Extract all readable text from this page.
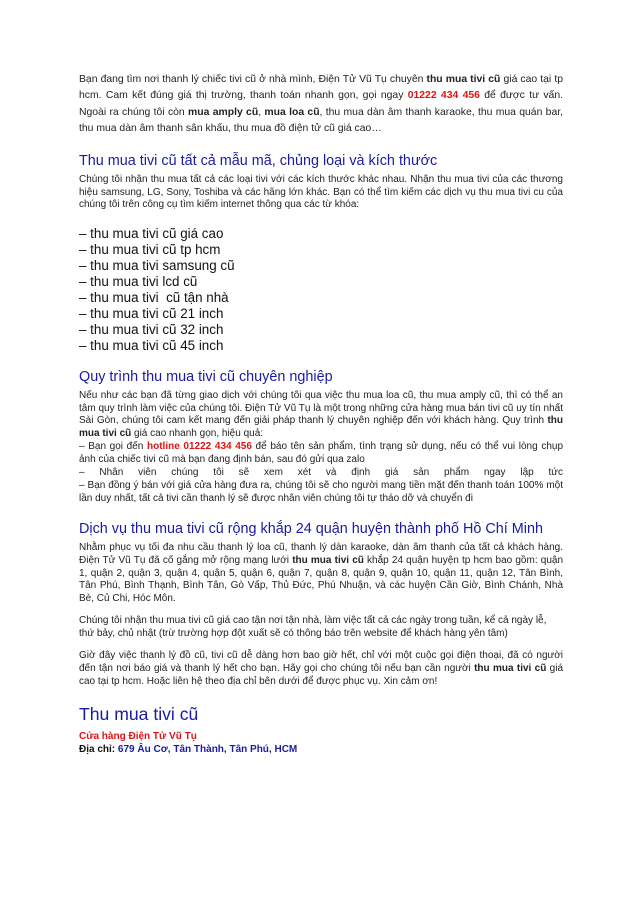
Bạn đang tìm nơi thanh lý chiếc tivi cũ ở nhà mình, Điện Tử Vũ Tụ chuyên thu mua tivi cũ giá cao tại tp hcm. Cam kết đúng giá thị trường, thanh toán nhanh gọn, gọi ngay 01222 434 456 để được tư vấn. Ngoài ra chúng tôi còn mua amply cũ, mua loa cũ, thu mua dàn âm thanh karaoke, thu mua quán bar, thu mua dàn âm thanh sân khấu, thu mua đồ điện tử cũ giá cao…

Thu mua tivi cũ tất cả mẫu mã, chủng loại và kích thước

Chúng tôi nhận thu mua tất cả các loại tivi với các kích thước khác nhau. Nhận thu mua tivi của các thương hiệu samsung, LG, Sony, Toshiba và các hãng lớn khác. Bạn có thể tìm kiếm các dịch vụ thu mua tivi cu của chúng tôi trên công cụ tìm kiếm internet thông qua các từ khóa:

– thu mua tivi cũ giá cao
– thu mua tivi cũ tp hcm
– thu mua tivi samsung cũ
– thu mua tivi lcd cũ
– thu mua tivi  cũ tận nhà
– thu mua tivi cũ 21 inch
– thu mua tivi cũ 32 inch
– thu mua tivi cũ 45 inch
Quy trình thu mua tivi cũ chuyên nghiệp

Nếu như các bạn đã từng giao dịch với chúng tôi qua việc thu mua loa cũ, thu mua amply cũ, thì có thể an tâm quy trình làm việc của chúng tôi. Điện Tử Vũ Tụ là một trong những cửa hàng mua bán tivi cũ uy tín nhất Sài Gòn, chúng tôi cam kết mang đến giải pháp thanh lý chuyên nghiệp đến với khách hàng. Quy trình thu mua tivi cũ giá cao nhanh gọn, hiệu quả:

– Bạn gọi đến hotline 01222 434 456 để báo tên sản phẩm, tình trạng sử dụng, nếu có thể vui lòng chụp ảnh của chiếc tivi cũ mà bạn đang định bán, sau đó gửi qua zalo

– Nhân viên chúng tôi sẽ xem xét và định giá sản phẩm ngay lập tức

– Bạn đồng ý bán với giá cửa hàng đưa ra, chúng tôi sẽ cho người mang tiền mặt đến thanh toán 100% một lần duy nhất, tất cả tivi cần thanh lý sẽ được nhân viên chúng tôi tự tháo dỡ và chuyển đi

Dịch vụ thu mua tivi cũ rộng khắp 24 quận huyện thành phố Hồ Chí Minh

Nhằm phục vụ tối đa nhu cầu thanh lý loa cũ, thanh lý dàn karaoke, dàn âm thanh của tất cả khách hàng. Điện Tử Vũ Tụ đã cố gắng mở rộng mạng lưới thu mua tivi cũ khắp 24 quận huyện tp hcm bao gồm: quận 1, quận 2, quận 3, quận 4, quận 5, quận 6, quận 7, quận 8, quận 9, quận 10, quận 11, quận 12, Tân Bình, Tân Phú, Bình Thạnh, Bình Tân, Gò Vấp, Thủ Đức, Phú Nhuận, và các huyện Cần Giờ, Bình Chánh, Nhà Bè, Củ Chi, Hóc Môn.

Chúng tôi nhận thu mua tivi cũ giá cao tận nơi tận nhà, làm việc tất cả các ngày trong tuần, kể cả ngày lễ, thứ bảy, chủ nhật (trừ trường hợp đột xuất sẽ có thông báo trên website để khách hàng yên tâm)

Giờ đây việc thanh lý đồ cũ, tivi cũ dễ dàng hơn bao giờ hết, chỉ với một cuộc gọi điện thoại, đã có người đến tận nơi báo giá và thanh lý hết cho bạn. Hãy gọi cho chúng tôi nếu bạn cần người thu mua tivi cũ giá cao tại tp hcm. Hoặc liên hệ theo địa chỉ bên dưới để được phục vụ. Xin cảm ơn!

Thu mua tivi cũ

Cửa hàng Điện Tử Vũ Tụ

Địa chỉ: 679 Âu Cơ, Tân Thành, Tân Phú, HCM
